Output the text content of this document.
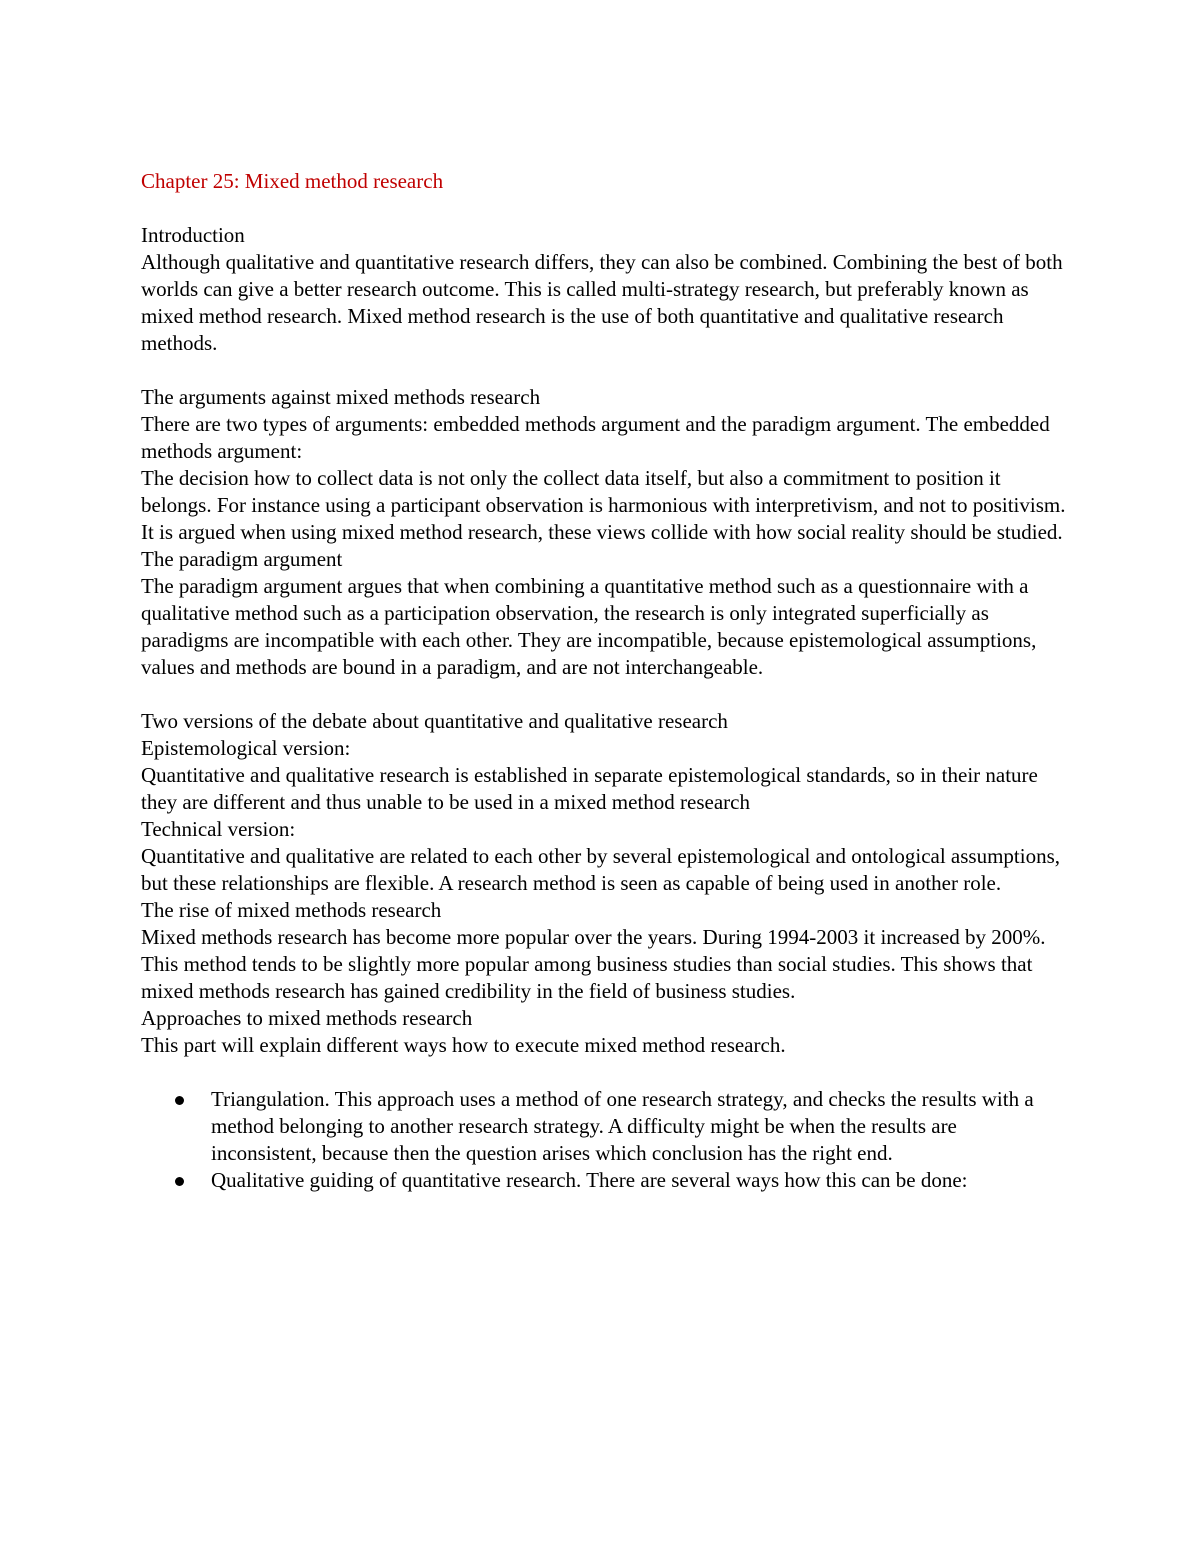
Chapter 25: Mixed method research

Introduction

Although qualitative and quantitative research differs, they can also be combined. Combining the best of both worlds can give a better research outcome. This is called multi-strategy research, but preferably known as mixed method research. Mixed method research is the use of both quantitative and qualitative research methods.

The arguments against mixed methods research

There are two types of arguments: embedded methods argument and the paradigm argument. The embedded methods argument:

The decision how to collect data is not only the collect data itself, but also a commitment to position it belongs. For instance using a participant observation is harmonious with interpretivism, and not to positivism. It is argued when using mixed method research, these views collide with how social reality should be studied.

The paradigm argument

The paradigm argument argues that when combining a quantitative method such as a questionnaire with a qualitative method such as a participation observation, the research is only integrated superficially as paradigms are incompatible with each other. They are incompatible, because epistemological assumptions, values and methods are bound in a paradigm, and are not interchangeable.

Two versions of the debate about quantitative and qualitative research

Epistemological version:

Quantitative and qualitative research is established in separate epistemological standards, so in their nature they are different and thus unable to be used in a mixed method research

Technical version:

Quantitative and qualitative are related to each other by several epistemological and ontological assumptions, but these relationships are flexible. A research method is seen as capable of being used in another role.

The rise of mixed methods research

Mixed methods research has become more popular over the years. During 1994-2003 it increased by 200%. This method tends to be slightly more popular among business studies than social studies. This shows that mixed methods research has gained credibility in the field of business studies.

Approaches to mixed methods research

This part will explain different ways how to execute mixed method research.

Triangulation. This approach uses a method of one research strategy, and checks the results with a method belonging to another research strategy. A difficulty might be when the results are inconsistent, because then the question arises which conclusion has the right end.
Qualitative guiding of quantitative research. There are several ways how this can be done:
